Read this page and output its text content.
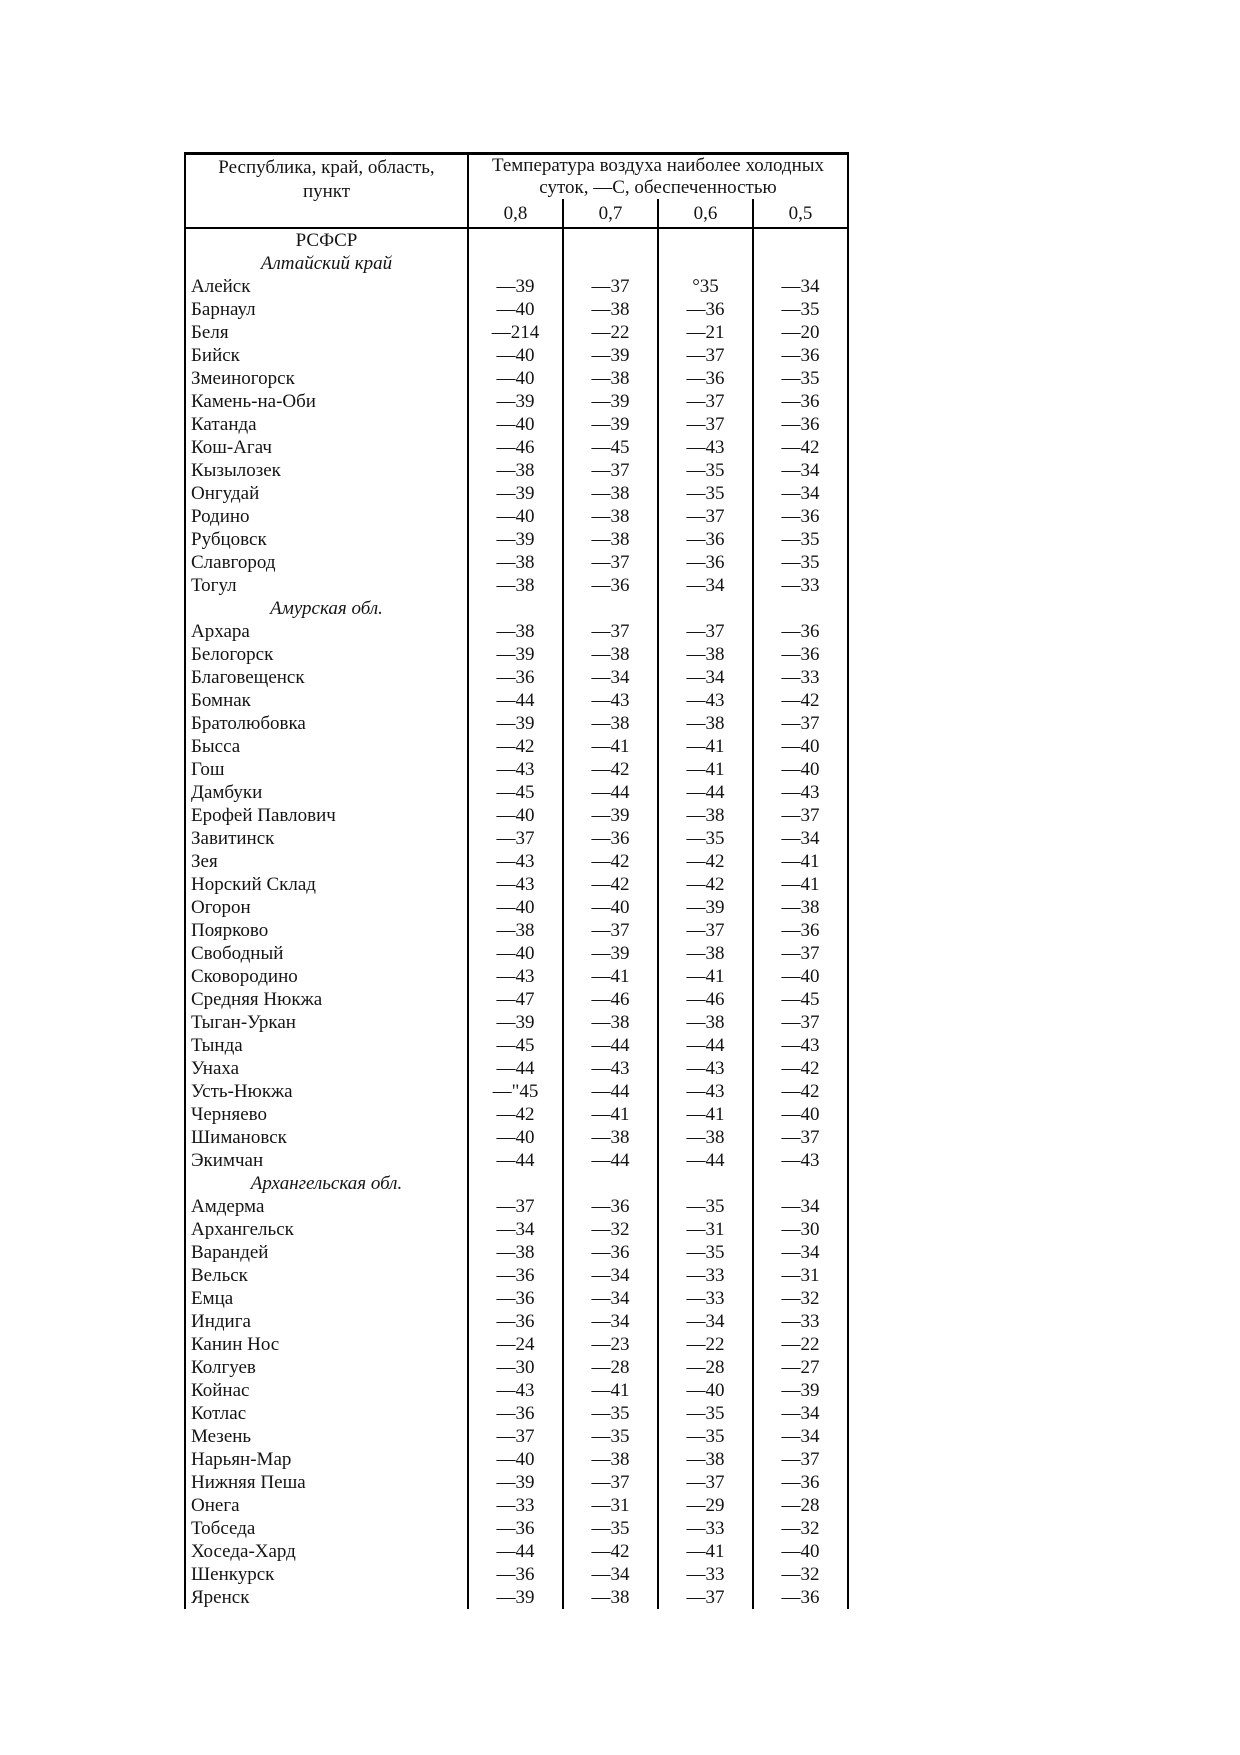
Республика, край, область,
пункт

Температура воздуха наиболее холодных
суток, —С, обеспеченностью

	0,8	0,7	0,6	0,5
РСФСР				
Алтайский край				
Алейск	—39	—37	°35	—34
Барнаул	—40	—38	—36	—35
Беля	—214	—22	—21	—20
Бийск	—40	—39	—37	—36
Змеиногорск	—40	—38	—36	—35
Камень-на-Оби	—39	—39	—37	—36
Катанда	—40	—39	—37	—36
Кош-Агач	—46	—45	—43	—42
Кызылозек	—38	—37	—35	—34
Онгудай	—39	—38	—35	—34
Родино	—40	—38	—37	—36
Рубцовск	—39	—38	—36	—35
Славгород	—38	—37	—36	—35
Тогул	—38	—36	—34	—33
Амурская обл.				
Архара	—38	—37	—37	—36
Белогорск	—39	—38	—38	—36
Благовещенск	—36	—34	—34	—33
Бомнак	—44	—43	—43	—42
Братолюбовка	—39	—38	—38	—37
Бысса	—42	—41	—41	—40
Гош	—43	—42	—41	—40
Дамбуки	—45	—44	—44	—43
Ерофей Павлович	—40	—39	—38	—37
Завитинск	—37	—36	—35	—34
Зея	—43	—42	—42	—41
Норский Склад	—43	—42	—42	—41
Огорон	—40	—40	—39	—38
Поярково	—38	—37	—37	—36
Свободный	—40	—39	—38	—37
Сковородино	—43	—41	—41	—40
Средняя Нюкжа	—47	—46	—46	—45
Тыган-Уркан	—39	—38	—38	—37
Тында	—45	—44	—44	—43
Унаха	—44	—43	—43	—42
Усть-Нюкжа	—"45	—44	—43	—42
Черняево	—42	—41	—41	—40
Шимановск	—40	—38	—38	—37
Экимчан	—44	—44	—44	—43
Архангельская обл.				
Амдерма	—37	—36	—35	—34
Архангельск	—34	—32	—31	—30
Варандей	—38	—36	—35	—34
Вельск	—36	—34	—33	—31
Емца	—36	—34	—33	—32
Индига	—36	—34	—34	—33
Канин Нос	—24	—23	—22	—22
Колгуев	—30	—28	—28	—27
Койнас	—43	—41	—40	—39
Котлас	—36	—35	—35	—34
Мезень	—37	—35	—35	—34
Нарьян-Мар	—40	—38	—38	—37
Нижняя Пеша	—39	—37	—37	—36
Онега	—33	—31	—29	—28
Тобседа	—36	—35	—33	—32
Хоседа-Хард	—44	—42	—41	—40
Шенкурск	—36	—34	—33	—32
Яренск	—39	—38	—37	—36
